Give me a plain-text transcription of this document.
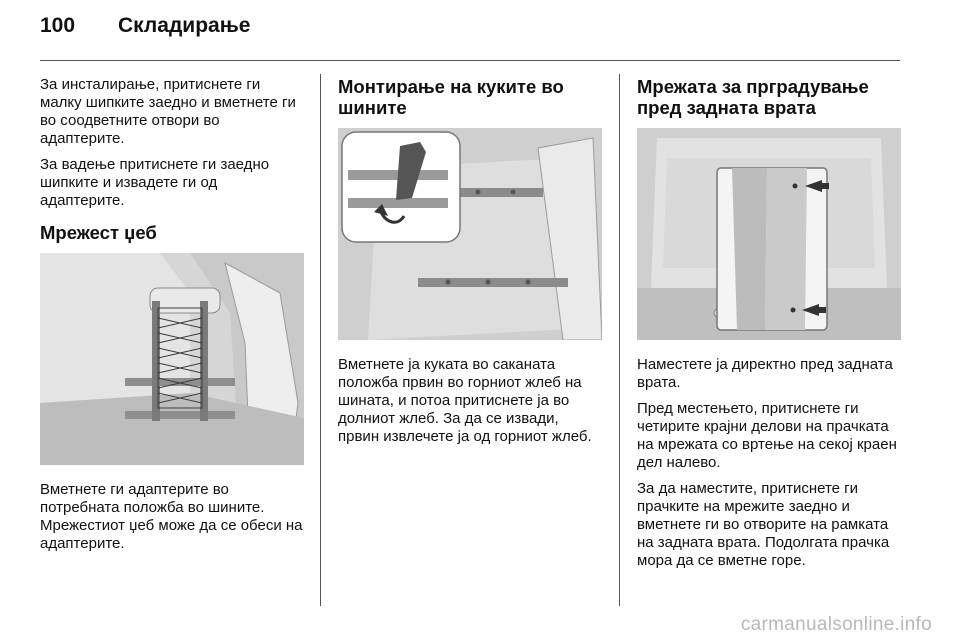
100	Складирање

За инсталирање, притиснете ги малку шипките заедно и вметнете ги во соодветните отвори во адаптерите.

За вадење притиснете ги заедно шипките и извадете ги од адаптерите.

Мрежест џеб

Вметнете ги адаптерите во потребната положба во шините. Мрежестиот џеб може да се обеси на адаптерите.

Монтирање на куките во шините

Вметнете ја куката во саканата положба првин во горниот жлеб на шината, и потоа притиснете ја во долниот жлеб. За да се извади, првин извлечете ја од горниот жлеб.

Мрежата за прградување пред задната врата

Наместете ја директно пред задната врата.

Пред местењето, притиснете ги четирите крајни делови на прачката на мрежата со вртење на секој краен дел налево.

За да наместите, притиснете ги прачките на мрежите заедно и вметнете ги во отворите на рамката на задната врата. Подолгата прачка мора да се вметне горе.

carmanualsonline.info
